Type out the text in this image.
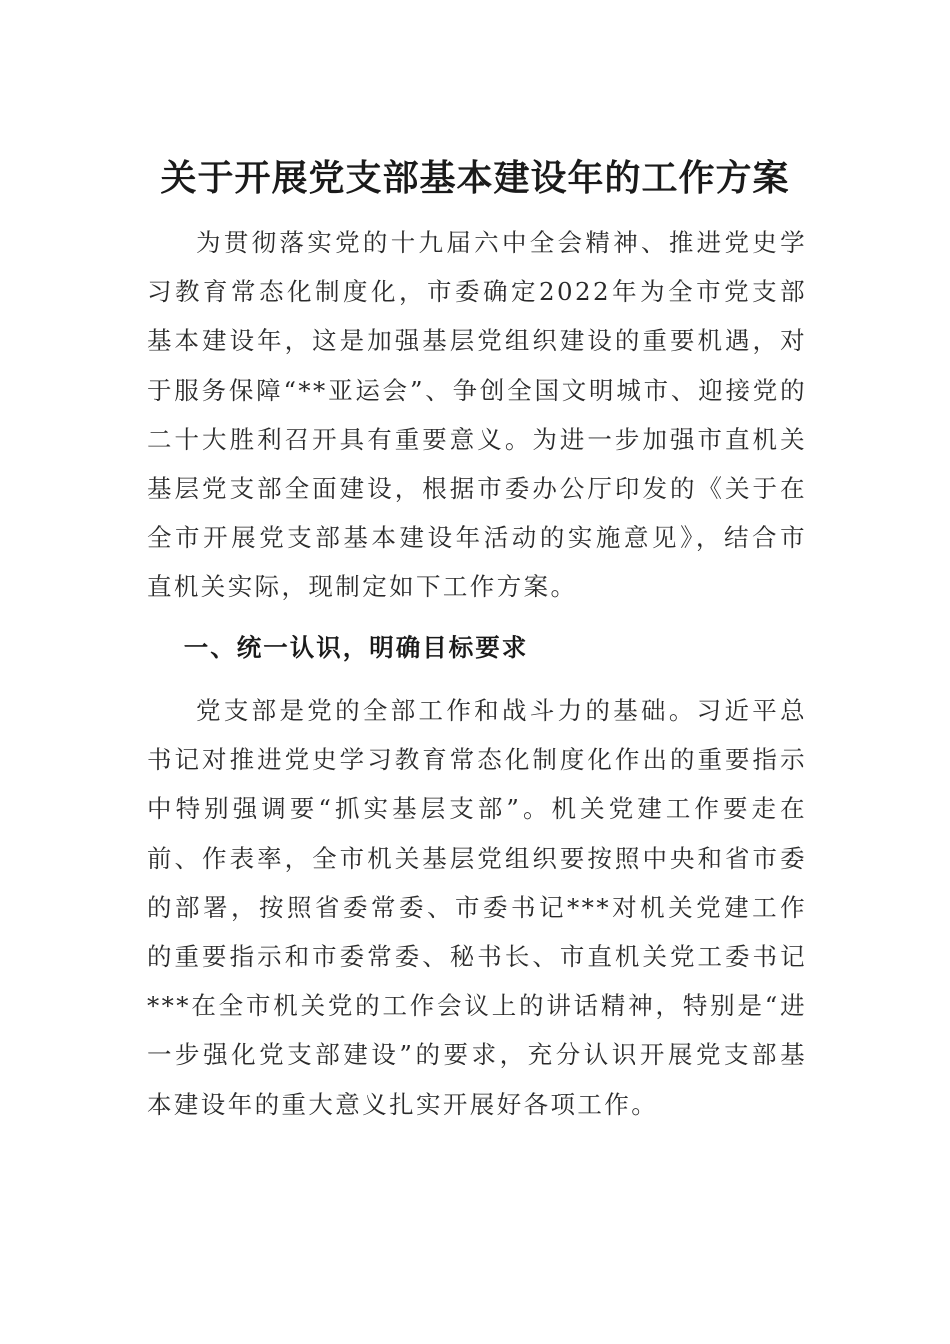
关于开展党支部基本建设年的工作方案

为贯彻落实党的十九届六中全会精神、推进党史学习教育常态化制度化，市委确定2022年为全市党支部基本建设年，这是加强基层党组织建设的重要机遇，对于服务保障“**亚运会”、争创全国文明城市、迎接党的二十大胜利召开具有重要意义。为进一步加强市直机关基层党支部全面建设，根据市委办公厅印发的《关于在全市开展党支部基本建设年活动的实施意见》，结合市直机关实际，现制定如下工作方案。

一、统一认识，明确目标要求

党支部是党的全部工作和战斗力的基础。习近平总书记对推进党史学习教育常态化制度化作出的重要指示中特别强调要“抓实基层支部”。机关党建工作要走在前、作表率，全市机关基层党组织要按照中央和省市委的部署，按照省委常委、市委书记***对机关党建工作的重要指示和市委常委、秘书长、市直机关党工委书记***在全市机关党的工作会议上的讲话精神，特别是“进一步强化党支部建设”的要求，充分认识开展党支部基本建设年的重大意义扎实开展好各项工作。
